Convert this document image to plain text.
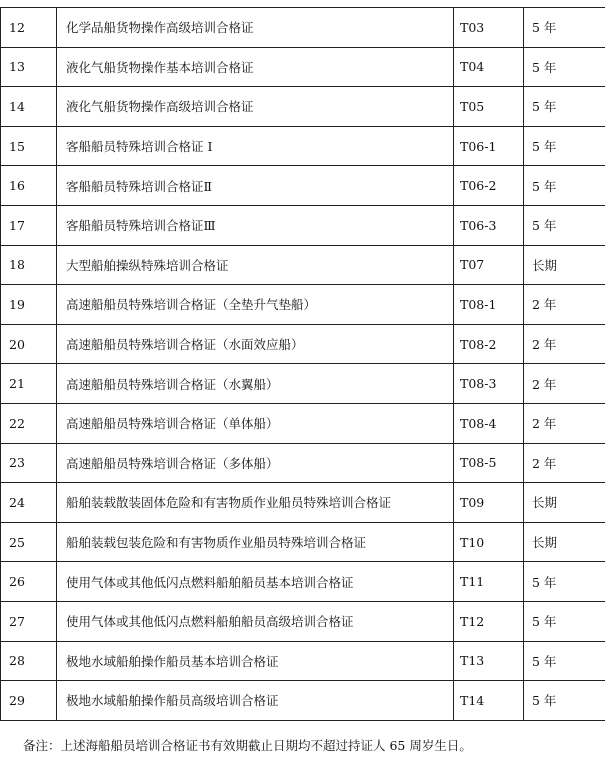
12	化学品船货物操作高级培训合格证	T03	5 年
13	液化气船货物操作基本培训合格证	T04	5 年
14	液化气船货物操作高级培训合格证	T05	5 年
15	客船船员特殊培训合格证 I	T06-1	5 年
16	客船船员特殊培训合格证Ⅱ	T06-2	5 年
17	客船船员特殊培训合格证Ⅲ	T06-3	5 年
18	大型船舶操纵特殊培训合格证	T07	长期
19	高速船船员特殊培训合格证（全垫升气垫船）	T08-1	2 年
20	高速船船员特殊培训合格证（水面效应船）	T08-2	2 年
21	高速船船员特殊培训合格证（水翼船）	T08-3	2 年
22	高速船船员特殊培训合格证（单体船）	T08-4	2 年
23	高速船船员特殊培训合格证（多体船）	T08-5	2 年
24	船舶装载散装固体危险和有害物质作业船员特殊培训合格证	T09	长期
25	船舶装载包装危险和有害物质作业船员特殊培训合格证	T10	长期
26	使用气体或其他低闪点燃料船舶船员基本培训合格证	T11	5 年
27	使用气体或其他低闪点燃料船舶船员高级培训合格证	T12	5 年
28	极地水域船舶操作船员基本培训合格证	T13	5 年
29	极地水域船舶操作船员高级培训合格证	T14	5 年
备注：上述海船船员培训合格证书有效期截止日期均不超过持证人 65 周岁生日。
